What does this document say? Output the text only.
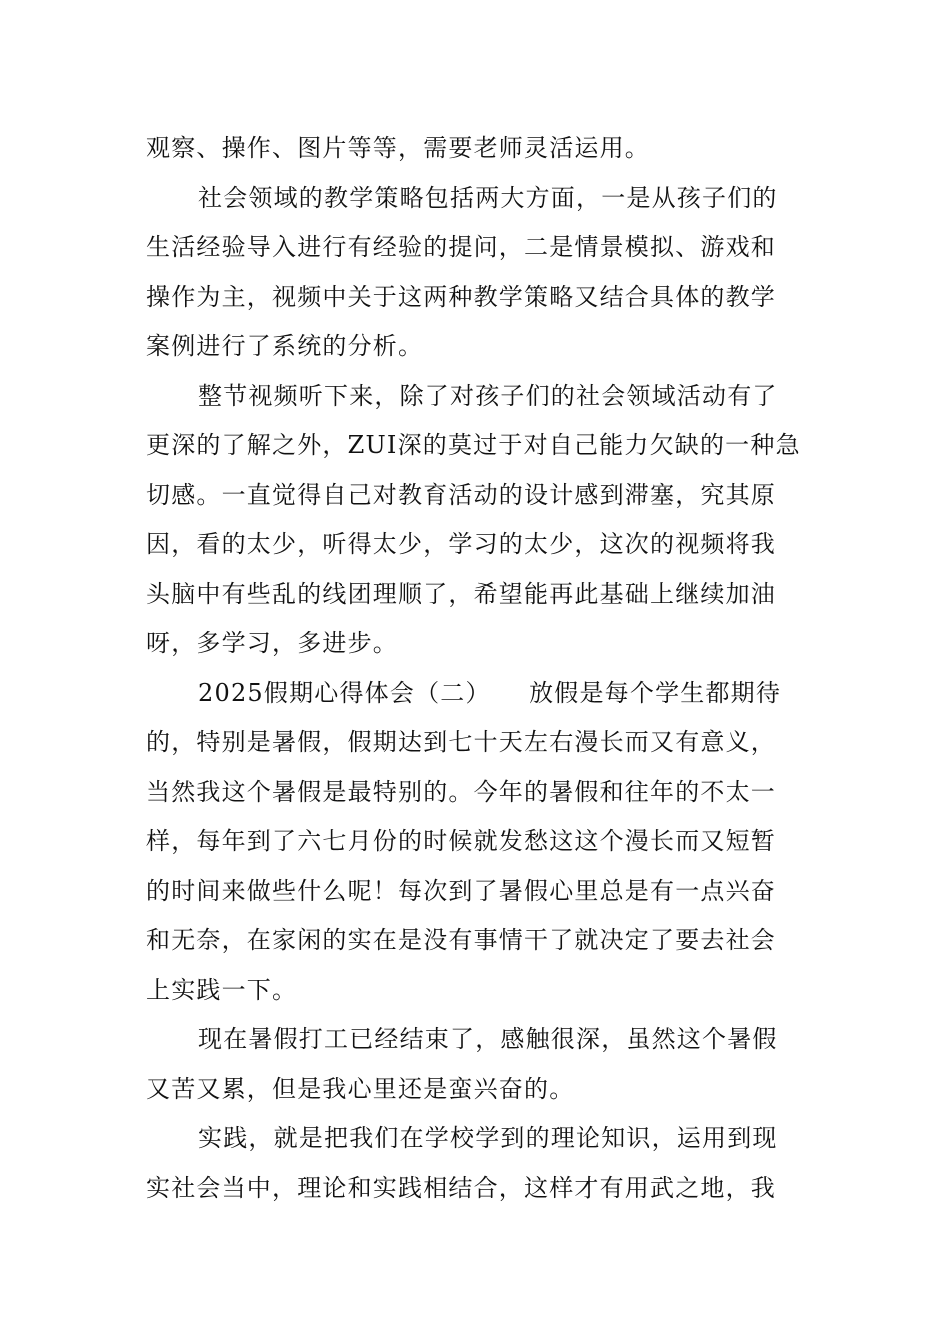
观察、操作、图片等等，需要老师灵活运用。

社会领域的教学策略包括两大方面，一是从孩子们的
生活经验导入进行有经验的提问，二是情景模拟、游戏和
操作为主，视频中关于这两种教学策略又结合具体的教学
案例进行了系统的分析。

整节视频听下来，除了对孩子们的社会领域活动有了
更深的了解之外，ZUI深的莫过于对自己能力欠缺的一种急
切感。一直觉得自己对教育活动的设计感到滞塞，究其原
因，看的太少，听得太少，学习的太少，这次的视频将我
头脑中有些乱的线团理顺了，希望能再此基础上继续加油
呀，多学习，多进步。

2025假期心得体会（二）　　放假是每个学生都期待
的，特别是暑假，假期达到七十天左右漫长而又有意义，
当然我这个暑假是最特别的。今年的暑假和往年的不太一
样，每年到了六七月份的时候就发愁这这个漫长而又短暂
的时间来做些什么呢！每次到了暑假心里总是有一点兴奋
和无奈，在家闲的实在是没有事情干了就决定了要去社会
上实践一下。

现在暑假打工已经结束了，感触很深，虽然这个暑假
又苦又累，但是我心里还是蛮兴奋的。

实践，就是把我们在学校学到的理论知识，运用到现
实社会当中，理论和实践相结合，这样才有用武之地，我
